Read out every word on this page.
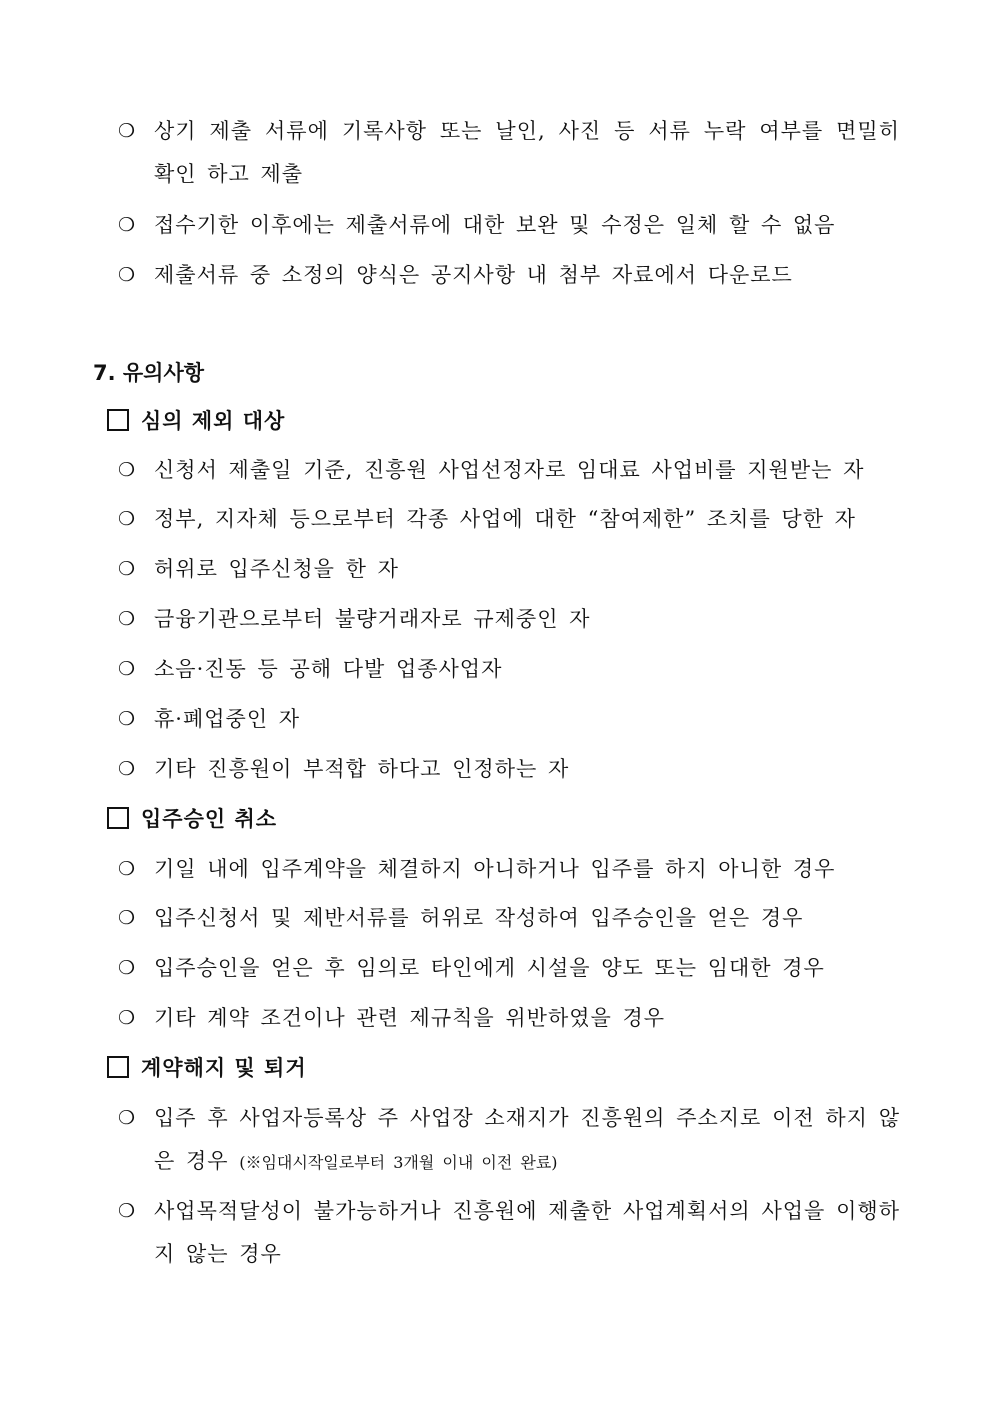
❍ 상기 제출 서류에 기록사항 또는 날인, 사진 등 서류 누락 여부를 면밀히 확인 하고 제출
❍ 접수기한 이후에는 제출서류에 대한 보완 및 수정은 일체 할 수 없음
❍ 제출서류 중 소정의 양식은 공지사항 내 첨부 자료에서 다운로드
7. 유의사항
심의 제외 대상
❍ 신청서 제출일 기준, 진흥원 사업선정자로 임대료 사업비를 지원받는 자
❍ 정부, 지자체 등으로부터 각종 사업에 대한 “참여제한” 조치를 당한 자
❍ 허위로 입주신청을 한 자
❍ 금융기관으로부터 불량거래자로 규제중인 자
❍ 소음·진동 등 공해 다발 업종사업자
❍ 휴·폐업중인 자
❍ 기타 진흥원이 부적합 하다고 인정하는 자
입주승인 취소
❍ 기일 내에 입주계약을 체결하지 아니하거나 입주를 하지 아니한 경우
❍ 입주신청서 및 제반서류를 허위로 작성하여 입주승인을 얻은 경우
❍ 입주승인을 얻은 후 임의로 타인에게 시설을 양도 또는 임대한 경우
❍ 기타 계약 조건이나 관련 제규칙을 위반하였을 경우
계약해지 및 퇴거
❍ 입주 후 사업자등록상 주 사업장 소재지가 진흥원의 주소지로 이전 하지 않은 경우 (※임대시작일로부터 3개월 이내 이전 완료)
❍ 사업목적달성이 불가능하거나 진흥원에 제출한 사업계획서의 사업을 이행하지 않는 경우
